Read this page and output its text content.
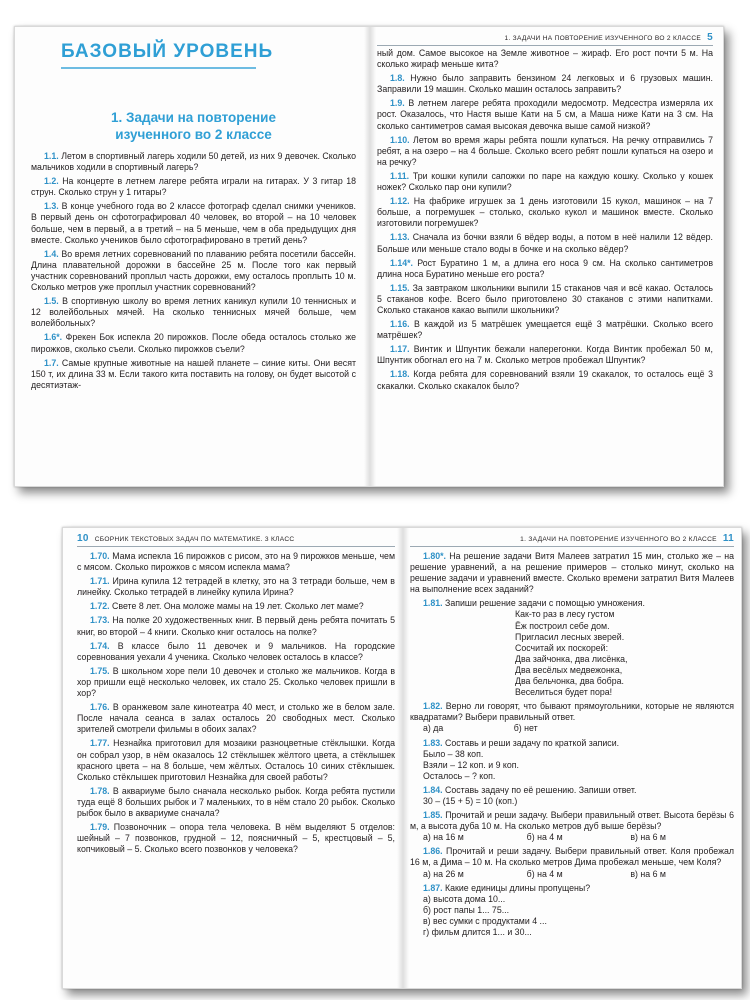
БАЗОВЫЙ УРОВЕНЬ
1. Задачи на повторение
изученного во 2 классе
1.1. Летом в спортивный лагерь ходили 50 детей, из них 9 девочек. Сколько мальчиков ходили в спортивный лагерь?
1.2. На концерте в летнем лагере ребята играли на гитарах. У 3 гитар 18 струн. Сколько струн у 1 гитары?
1.3. В конце учебного года во 2 классе фотограф сделал снимки учеников. В первый день он сфотографировал 40 человек, во второй – на 10 человек больше, чем в первый, а в третий – на 5 меньше, чем в оба предыдущих дня вместе. Сколько учеников было сфотографировано в третий день?
1.4. Во время летних соревнований по плаванию ребята посетили бассейн. Длина плавательной дорожки в бассейне 25 м. После того как первый участник соревнований проплыл часть дорожки, ему осталось проплыть 10 м. Сколько метров уже проплыл участник соревнований?
1.5. В спортивную школу во время летних каникул купили 10 теннисных и 12 волейбольных мячей. На сколько теннисных мячей больше, чем волейбольных?
1.6*. Фрекен Бок испекла 20 пирожков. После обеда осталось столько же пирожков, сколько съели. Сколько пирожков съели?
1.7. Самые крупные животные на нашей планете – синие киты. Они весят 150 т, их длина 33 м. Если такого кита поставить на голову, он будет высотой с десятиэтаж-
1. ЗАДАЧИ НА ПОВТОРЕНИЕ ИЗУЧЕННОГО ВО 2 КЛАССЕ 5
ный дом. Самое высокое на Земле животное – жираф. Его рост почти 5 м. На сколько жираф меньше кита?
1.8. Нужно было заправить бензином 24 легковых и 6 грузовых машин. Заправили 19 машин. Сколько машин осталось заправить?
1.9. В летнем лагере ребята проходили медосмотр. Медсестра измеряла их рост. Оказалось, что Настя выше Кати на 5 см, а Маша ниже Кати на 3 см. На сколько сантиметров самая высокая девочка выше самой низкой?
1.10. Летом во время жары ребята пошли купаться. На речку отправились 7 ребят, а на озеро – на 4 больше. Сколько всего ребят пошли купаться на озеро и на речку?
1.11. Три кошки купили сапожки по паре на каждую кошку. Сколько у кошек ножек? Сколько пар они купили?
1.12. На фабрике игрушек за 1 день изготовили 15 кукол, машинок – на 7 больше, а погремушек – столько, сколько кукол и машинок вместе. Сколько изготовили погремушек?
1.13. Сначала из бочки взяли 6 вёдер воды, а потом в неё налили 12 вёдер. Больше или меньше стало воды в бочке и на сколько вёдер?
1.14*. Рост Буратино 1 м, а длина его носа 9 см. На сколько сантиметров длина носа Буратино меньше его роста?
1.15. За завтраком школьники выпили 15 стаканов чая и всё какао. Осталось 5 стаканов кофе. Всего было приготовлено 30 стаканов с этими напитками. Сколько стаканов какао выпили школьники?
1.16. В каждой из 5 матрёшек умещается ещё 3 матрёшки. Сколько всего матрёшек?
1.17. Винтик и Шпунтик бежали наперегонки. Когда Винтик пробежал 50 м, Шпунтик обогнал его на 7 м. Сколько метров пробежал Шпунтик?
1.18. Когда ребята для соревнований взяли 19 скакалок, то осталось ещё 3 скакалки. Сколько скакалок было?
10 СБОРНИК ТЕКСТОВЫХ ЗАДАЧ ПО МАТЕМАТИКЕ. 3 КЛАСС
1.70. Мама испекла 16 пирожков с рисом, это на 9 пирожков меньше, чем с мясом. Сколько пирожков с мясом испекла мама?
1.71. Ирина купила 12 тетрадей в клетку, это на 3 тетради больше, чем в линейку. Сколько тетрадей в линейку купила Ирина?
1.72. Свете 8 лет. Она моложе мамы на 19 лет. Сколько лет маме?
1.73. На полке 20 художественных книг. В первый день ребята почитать 5 книг, во второй – 4 книги. Сколько книг осталось на полке?
1.74. В классе было 11 девочек и 9 мальчиков. На городские соревнования уехали 4 ученика. Сколько человек осталось в классе?
1.75. В школьном хоре пели 10 девочек и столько же мальчиков. Когда в хор пришли ещё несколько человек, их стало 25. Сколько человек пришли в хор?
1.76. В оранжевом зале кинотеатра 40 мест, и столько же в белом зале. После начала сеанса в залах осталось 20 свободных мест. Сколько зрителей смотрели фильмы в обоих залах?
1.77. Незнайка приготовил для мозаики разноцветные стёклышки. Когда он собрал узор, в нём оказалось 12 стёклышек жёлтого цвета, а стёклышек красного цвета – на 8 больше, чем жёлтых. Осталось 10 синих стёклышек. Сколько стёклышек приготовил Незнайка для своей работы?
1.78. В аквариуме было сначала несколько рыбок. Когда ребята пустили туда ещё 8 больших рыбок и 7 маленьких, то в нём стало 20 рыбок. Сколько рыбок было в аквариуме сначала?
1.79. Позвоночник – опора тела человека. В нём выделяют 5 отделов: шейный – 7 позвонков, грудной – 12, поясничный – 5, крестцовый – 5, копчиковый – 5. Сколько всего позвонков у человека?
1. ЗАДАЧИ НА ПОВТОРЕНИЕ ИЗУЧЕННОГО ВО 2 КЛАССЕ 11
1.80*. На решение задачи Витя Малеев затратил 15 мин, столько же – на решение уравнений, а на решение примеров – столько минут, сколько на решение задачи и уравнений вместе. Сколько времени затратил Витя Малеев на выполнение всех заданий?
1.81. Запиши решение задачи с помощью умножения.
Как-то раз в лесу густом
Ёж построил себе дом.
Пригласил лесных зверей.
Сосчитай их поскорей:
Два зайчонка, два лисёнка,
Два весёлых медвежонка,
Два бельчонка, два бобра.
Веселиться будет пора!
1.82. Верно ли говорят, что бывают прямоугольники, которые не являются квадратами? Выбери правильный ответ.
а) да	б) нет
1.83. Составь и реши задачу по краткой записи.
Было – 38 коп.
Взяли – 12 коп. и 9 коп.
Осталось – ? коп.
1.84. Составь задачу по её решению. Запиши ответ.
30 – (15 + 5) = 10 (коп.)
1.85. Прочитай и реши задачу. Выбери правильный ответ. Высота берёзы 6 м, а высота дуба 10 м. На сколько метров дуб выше берёзы?
а) на 16 м	б) на 4 м	в) на 6 м
1.86. Прочитай и реши задачу. Выбери правильный ответ. Коля пробежал 16 м, а Дима – 10 м. На сколько метров Дима пробежал меньше, чем Коля?
а) на 26 м	б) на 4 м	в) на 6 м
1.87. Какие единицы длины пропущены?
а) высота дома 10...
б) рост папы 1... 75...
в) вес сумки с продуктами 4 ...
г) фильм длится 1... и 30...
